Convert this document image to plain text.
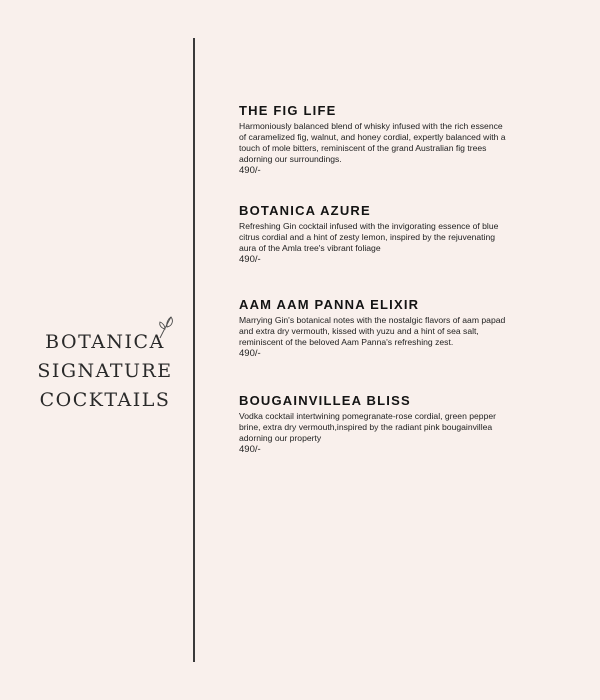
BOTANICA
SIGNATURE
COCKTAILS
THE FIG LIFE

Harmoniously balanced blend of whisky infused with the rich essence of caramelized fig, walnut, and honey cordial, expertly balanced with a touch of mole bitters, reminiscent of the grand Australian fig trees adorning our surroundings.

490/-

BOTANICA AZURE

Refreshing Gin cocktail infused with the invigorating essence of blue citrus cordial and a hint of zesty lemon, inspired by the rejuvenating aura of the Amla tree's vibrant foliage

490/-

AAM AAM PANNA ELIXIR

Marrying Gin's botanical notes with the nostalgic flavors of aam papad and extra dry vermouth, kissed with yuzu and a hint of sea salt, reminiscent of the beloved Aam Panna's refreshing zest.

490/-

BOUGAINVILLEA BLISS

Vodka cocktail intertwining pomegranate-rose cordial, green pepper brine, extra dry vermouth,inspired by the radiant pink bougainvillea adorning our property

490/-
